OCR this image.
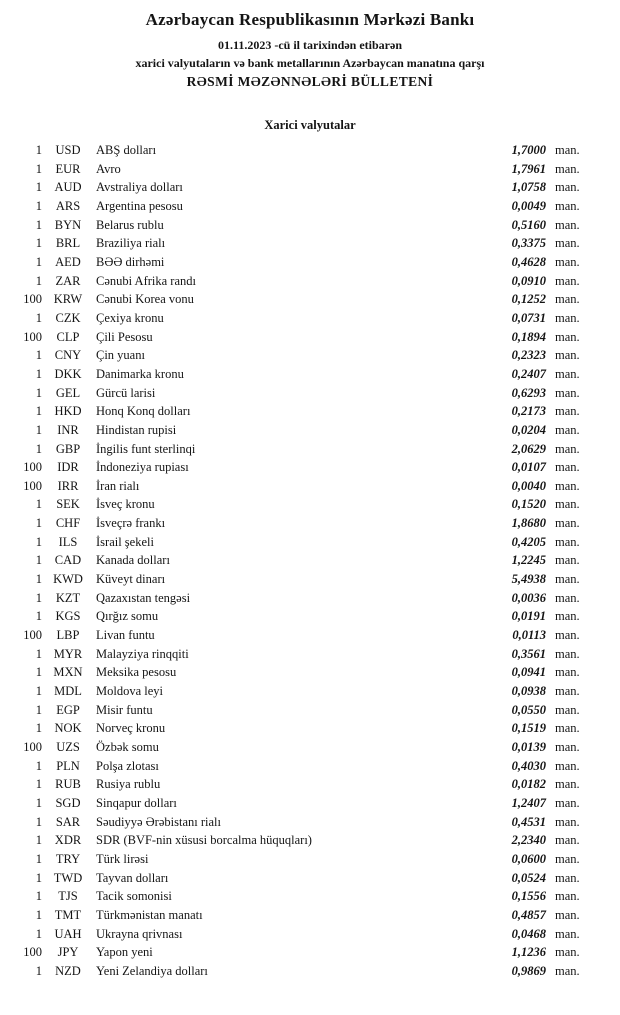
Azərbaycan Respublikasının Mərkəzi Bankı
01.11.2023 -cü il tarixindən etibarən
xarici valyutaların və bank metallarının Azərbaycan manatına qarşı
RƏSMİ MƏZƏNNƏLƏRİ BÜLLETENİ
Xarici valyutalar
1	USD	ABŞ dolları	1,7000 man.
1	EUR	Avro	1,7961 man.
1 AUD	Avstraliya dolları	1,0758 man.
1	ARS	Argentina pesosu	0,0049 man.
1	BYN	Belarus rublu	0,5160 man.
1	BRL	Braziliya rialı	0,3375 man.
1	AED	BƏƏ dirhəmi	0,4628 man.
1	ZAR	Cənubi Afrika randı	0,0910 man.
100 KRW	Cənubi Korea vonu	0,1252 man.
1	CZK	Çexiya kronu	0,0731 man.
100	CLP	Çili Pesosu	0,1894 man.
1	CNY	Çin yuanı	0,2323 man.
1 DKK	Danimarka kronu	0,2407 man.
1	GEL	Gürcü larisi	0,6293 man.
1 HKD	Honq Konq dolları	0,2173 man.
1	INR	Hindistan rupisi	0,0204 man.
1	GBP	İngilis funt sterlinqi	2,0629 man.
100	IDR	İndoneziya rupiası	0,0107 man.
100	IRR	İran rialı	0,0040 man.
1	SEK	İsveç kronu	0,1520 man.
1	CHF	İsveçrə frankı	1,8680 man.
1	ILS	İsrail şekeli	0,4205 man.
1	CAD	Kanada dolları	1,2245 man.
1 KWD	Küveyt dinarı	5,4938 man.
1	KZT	Qazaxıstan tengəsi	0,0036 man.
1	KGS	Qırğız somu	0,0191 man.
100	LBP	Livan funtu	0,0113 man.
1 MYR	Malayziya rinqqiti	0,3561 man.
1 MXN	Meksika pesosu	0,0941 man.
1 MDL	Moldova leyi	0,0938 man.
1	EGP	Misir funtu	0,0550 man.
1 NOK	Norveç kronu	0,1519 man.
100	UZS	Özbək somu	0,0139 man.
1	PLN	Polşa zlotası	0,4030 man.
1	RUB	Rusiya rublu	0,0182 man.
1	SGD	Sinqapur dolları	1,2407 man.
1	SAR	Səudiyyə Ərəbistanı rialı	0,4531 man.
1	XDR	SDR (BVF-nin xüsusi borcalma hüquqları)	2,2340 man.
1	TRY	Türk lirəsi	0,0600 man.
1 TWD	Tayvan dolları	0,0524 man.
1	TJS	Tacik somonisi	0,1556 man.
1	TMT	Türkmənistan manatı	0,4857 man.
1 UAH	Ukrayna qrivnası	0,0468 man.
100	JPY	Yapon yeni	1,1236 man.
1	NZD	Yeni Zelandiya dolları	0,9869 man.
